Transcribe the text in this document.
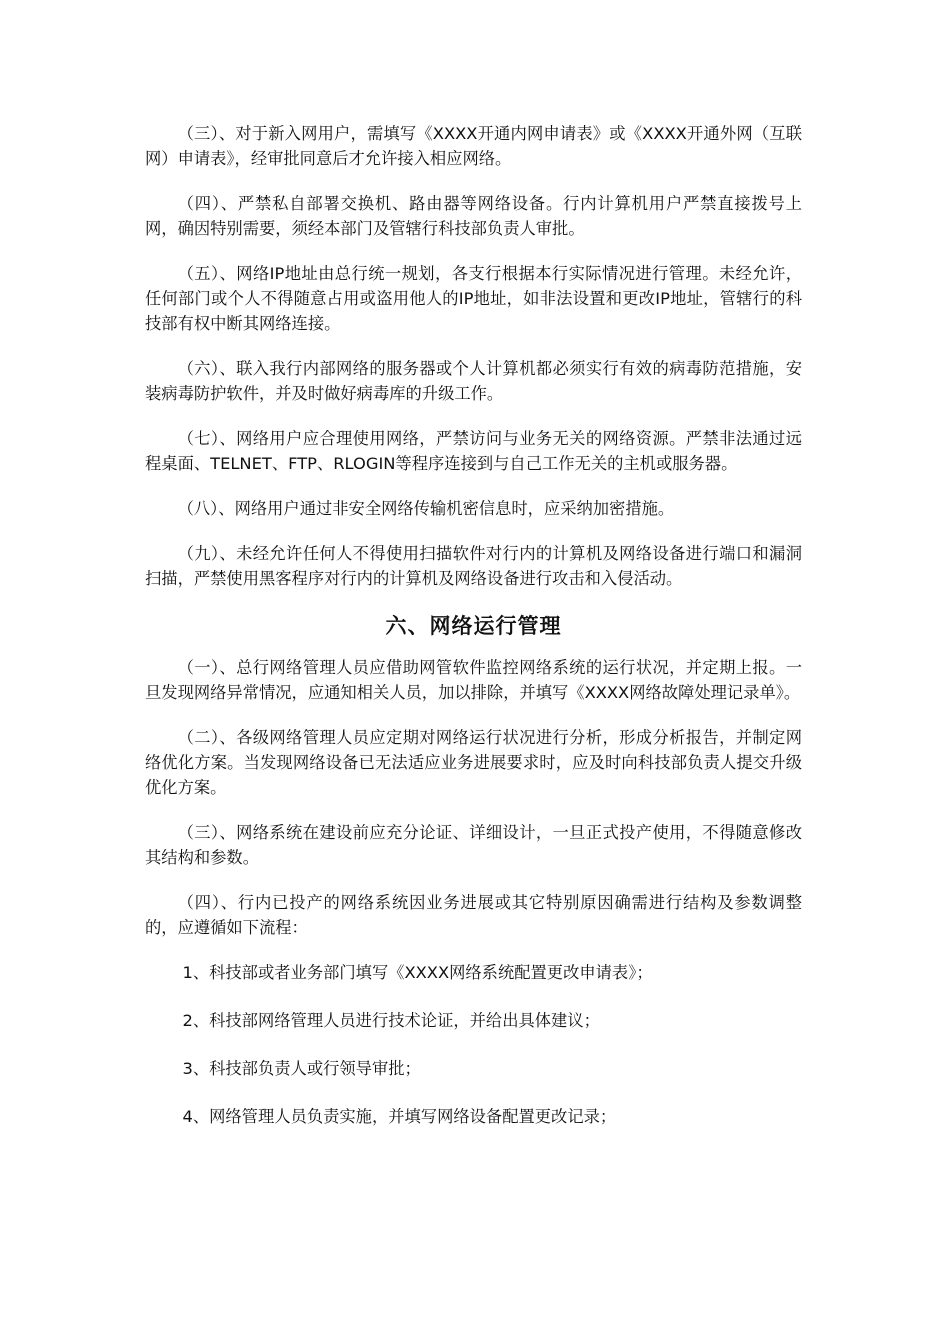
（三）、对于新入网用户，需填写《XXXX开通内网申请表》或《XXXX开通外网（互联网）申请表》，经审批同意后才允许接入相应网络。

（四）、严禁私自部署交换机、路由器等网络设备。行内计算机用户严禁直接拨号上网，确因特别需要，须经本部门及管辖行科技部负责人审批。

（五）、网络IP地址由总行统一规划，各支行根据本行实际情况进行管理。未经允许，任何部门或个人不得随意占用或盗用他人的IP地址，如非法设置和更改IP地址，管辖行的科技部有权中断其网络连接。

（六）、联入我行内部网络的服务器或个人计算机都必须实行有效的病毒防范措施，安装病毒防护软件，并及时做好病毒库的升级工作。

（七）、网络用户应合理使用网络，严禁访问与业务无关的网络资源。严禁非法通过远程桌面、TELNET、FTP、RLOGIN等程序连接到与自己工作无关的主机或服务器。

（八）、网络用户通过非安全网络传输机密信息时，应采纳加密措施。

（九）、未经允许任何人不得使用扫描软件对行内的计算机及网络设备进行端口和漏洞扫描，严禁使用黑客程序对行内的计算机及网络设备进行攻击和入侵活动。

六、网络运行管理

（一）、总行网络管理人员应借助网管软件监控网络系统的运行状况，并定期上报。一旦发现网络异常情况，应通知相关人员，加以排除，并填写《XXXX网络故障处理记录单》。

（二）、各级网络管理人员应定期对网络运行状况进行分析，形成分析报告，并制定网络优化方案。当发现网络设备已无法适应业务进展要求时，应及时向科技部负责人提交升级优化方案。

（三）、网络系统在建设前应充分论证、详细设计，一旦正式投产使用，不得随意修改其结构和参数。

（四）、行内已投产的网络系统因业务进展或其它特别原因确需进行结构及参数调整的，应遵循如下流程：

1、科技部或者业务部门填写《XXXX网络系统配置更改申请表》；

2、科技部网络管理人员进行技术论证，并给出具体建议；

3、科技部负责人或行领导审批；

4、网络管理人员负责实施，并填写网络设备配置更改记录；
